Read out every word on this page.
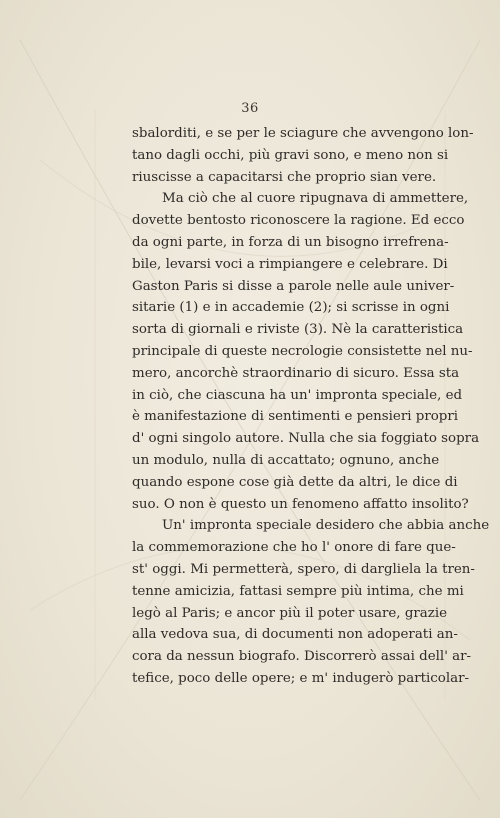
36
sbalorditi, e se per le sciagure che avvengono lon-
tano dagli occhi, più gravi sono, e meno non si
riuscisse a capacitarsi che proprio sian vere.
Ma ciò che al cuore ripugnava di ammettere,
dovette bentosto riconoscere la ragione. Ed ecco
da ogni parte, in forza di un bisogno irrefrena-
bile, levarsi voci a rimpiangere e celebrare. Di
Gaston Paris si disse a parole nelle aule univer-
sitarie (1) e in accademie (2); si scrisse in ogni
sorta di giornali e riviste (3). Nè la caratteristica
principale di queste necrologie consistette nel nu-
mero, ancorchè straordinario di sicuro. Essa sta
in ciò, che ciascuna ha un' impronta speciale, ed
è manifestazione di sentimenti e pensieri propri
d' ogni singolo autore. Nulla che sia foggiato sopra
un modulo, nulla di accattato; ognuno, anche
quando espone cose già dette da altri, le dice di
suo. O non è questo un fenomeno affatto insolito?
Un' impronta speciale desidero che abbia anche
la commemorazione che ho l' onore di fare que-
st' oggi. Mi permetterà, spero, di dargliela la tren-
tenne amicizia, fattasi sempre più intima, che mi
legò al Paris; e ancor più il poter usare, grazie
alla vedova sua, di documenti non adoperati an-
cora da nessun biografo. Discorrerò assai dell' ar-
tefice, poco delle opere; e m' indugerò particolar-
